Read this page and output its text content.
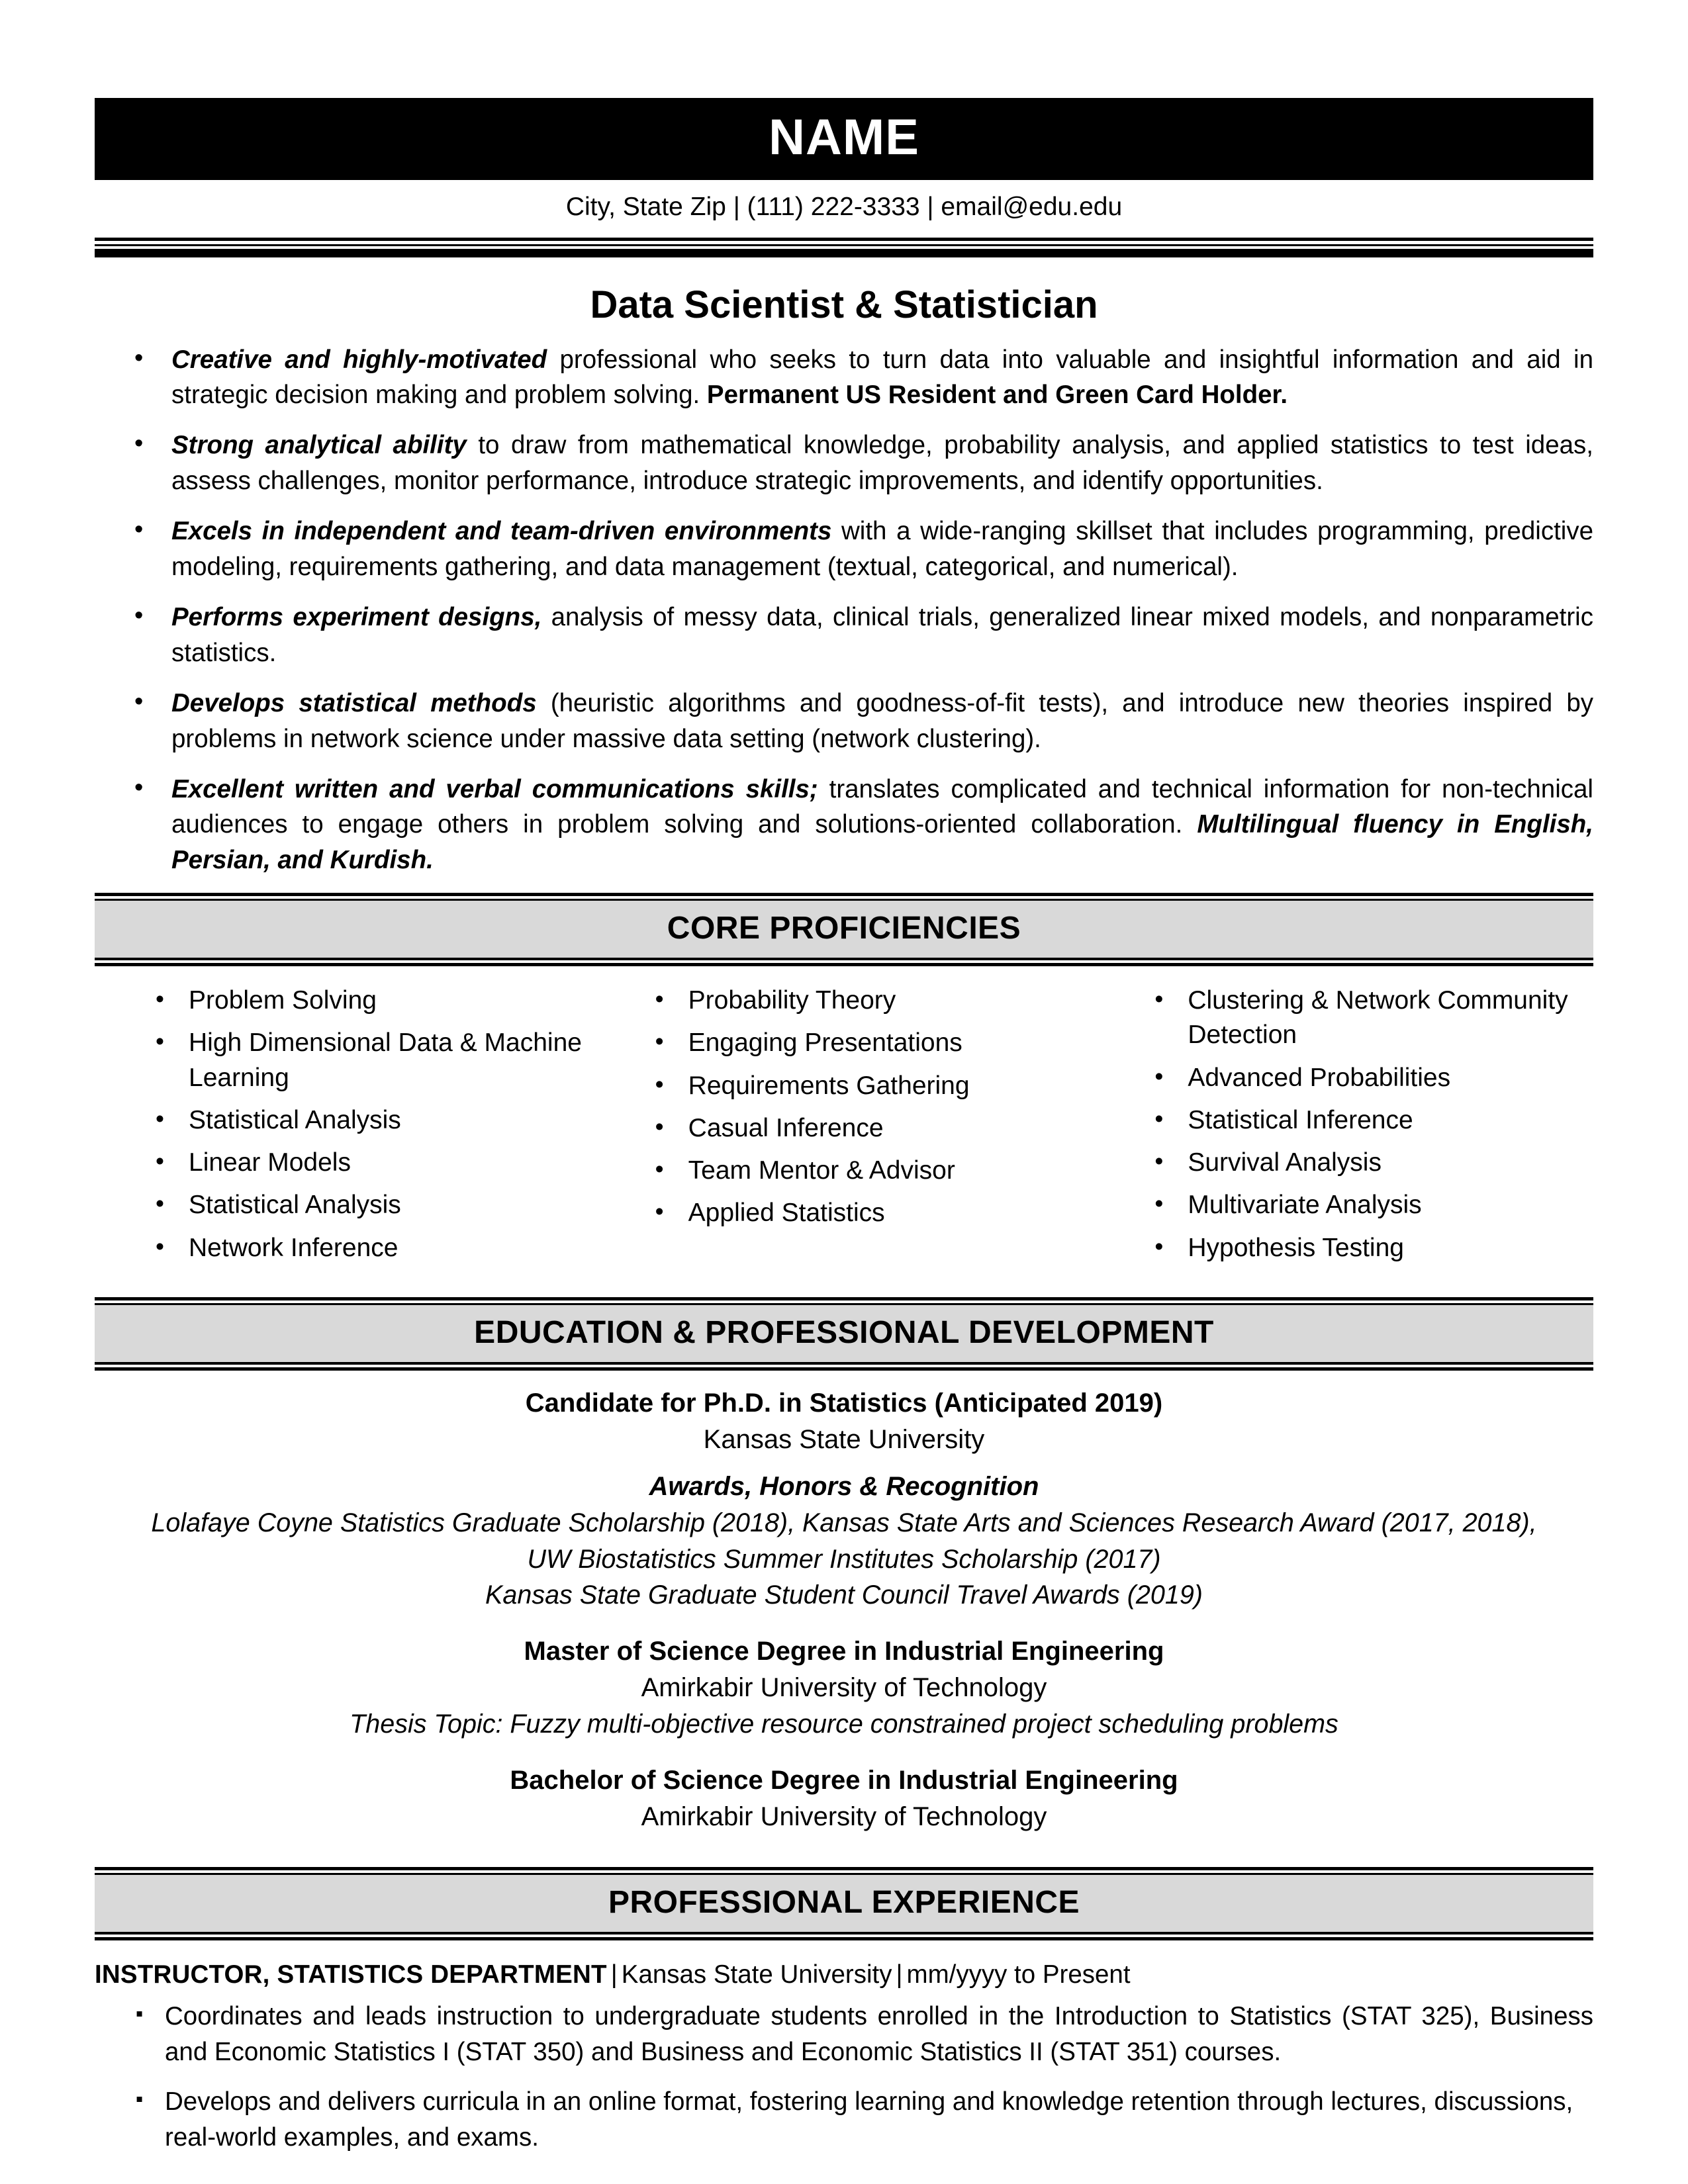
NAME
City, State Zip | (111) 222-3333 | email@edu.edu
Data Scientist & Statistician
• Creative and highly-motivated professional who seeks to turn data into valuable and insightful information and aid in strategic decision making and problem solving. Permanent US Resident and Green Card Holder.
• Strong analytical ability to draw from mathematical knowledge, probability analysis, and applied statistics to test ideas, assess challenges, monitor performance, introduce strategic improvements, and identify opportunities.
• Excels in independent and team-driven environments with a wide-ranging skillset that includes programming, predictive modeling, requirements gathering, and data management (textual, categorical, and numerical).
• Performs experiment designs, analysis of messy data, clinical trials, generalized linear mixed models, and nonparametric statistics.
• Develops statistical methods (heuristic algorithms and goodness-of-fit tests), and introduce new theories inspired by problems in network science under massive data setting (network clustering).
• Excellent written and verbal communications skills; translates complicated and technical information for non-technical audiences to engage others in problem solving and solutions-oriented collaboration. Multilingual fluency in English, Persian, and Kurdish.
CORE PROFICIENCIES
• Problem Solving
• High Dimensional Data & Machine Learning
• Statistical Analysis
• Linear Models
• Statistical Analysis
• Network Inference
• Probability Theory
• Engaging Presentations
• Requirements Gathering
• Casual Inference
• Team Mentor & Advisor
• Applied Statistics
• Clustering & Network Community Detection
• Advanced Probabilities
• Statistical Inference
• Survival Analysis
• Multivariate Analysis
• Hypothesis Testing
EDUCATION & PROFESSIONAL DEVELOPMENT
Candidate for Ph.D. in Statistics (Anticipated 2019)
Kansas State University
Awards, Honors & Recognition
Lolafaye Coyne Statistics Graduate Scholarship (2018), Kansas State Arts and Sciences Research Award (2017, 2018), UW Biostatistics Summer Institutes Scholarship (2017)
Kansas State Graduate Student Council Travel Awards (2019)
Master of Science Degree in Industrial Engineering
Amirkabir University of Technology
Thesis Topic: Fuzzy multi-objective resource constrained project scheduling problems
Bachelor of Science Degree in Industrial Engineering
Amirkabir University of Technology
PROFESSIONAL EXPERIENCE
INSTRUCTOR, STATISTICS DEPARTMENT | Kansas State University | mm/yyyy to Present
▪ Coordinates and leads instruction to undergraduate students enrolled in the Introduction to Statistics (STAT 325), Business and Economic Statistics I (STAT 350) and Business and Economic Statistics II (STAT 351) courses.
▪ Develops and delivers curricula in an online format, fostering learning and knowledge retention through lectures, discussions, real-world examples, and exams.
